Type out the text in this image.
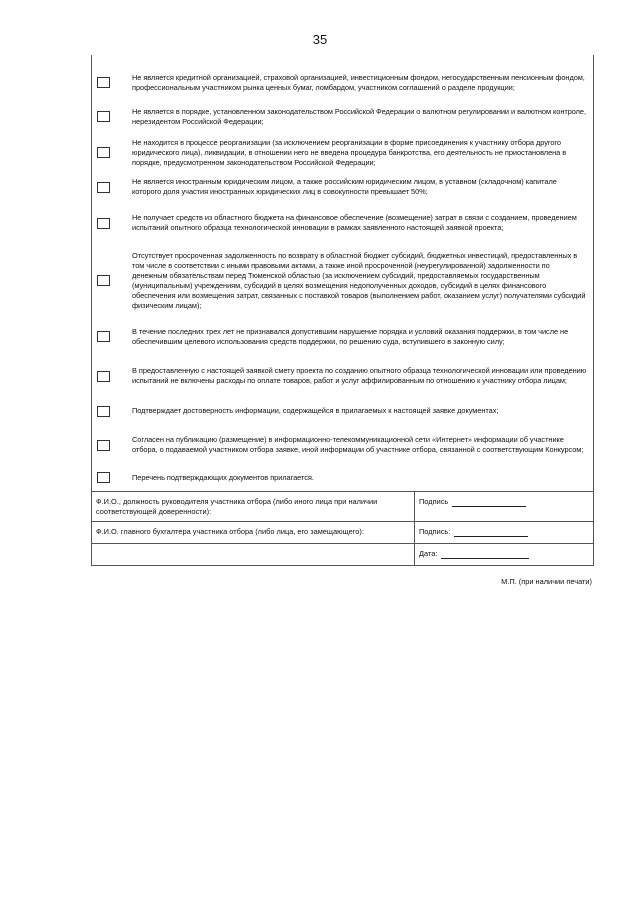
35
Не является кредитной организацией, страховой организацией, инвестиционным фондом, негосударственным пенсионным фондом, профессиональным участником рынка ценных бумаг, ломбардом, участником соглашений о разделе продукции;
Не является в порядке, установленном законодательством Российской Федерации о валютном регулировании и валютном контроле, нерезидентом Российской Федерации;
Не находится в процессе реорганизации (за исключением реорганизации в форме присоединения к участнику отбора другого юридического лица), ликвидации, в отношении него не введена процедура банкротства, его деятельность не приостановлена в порядке, предусмотренном законодательством Российской Федерации;
Не является иностранным юридическим лицом, а также российским юридическим лицом, в уставном (складочном) капитале которого доля участия иностранных юридических лиц в совокупности превышает 50%;
Не получает средств из областного бюджета на финансовое обеспечение (возмещение) затрат в связи с созданием, проведением испытаний опытного образца технологической инновации в рамках заявленного настоящей заявкой проекта;
Отсутствует просроченная задолженность по возврату в областной бюджет субсидий, бюджетных инвестиций, предоставленных в том числе в соответствии с иными правовыми актами, а также иной просроченной (неурегулированной) задолженности по денежным обязательствам перед Тюменской областью (за исключением субсидий, предоставляемых государственным (муниципальным) учреждениям, субсидий в целях возмещения недополученных доходов, субсидий в целях финансового обеспечения или возмещения затрат, связанных с поставкой товаров (выполнением работ, оказанием услуг) получателями субсидий физическим лицам);
В течение последних трех лет не признавался допустившим нарушение порядка и условий оказания поддержки, в том числе не обеспечившим целевого использования средств поддержки, по решению суда, вступившего в законную силу;
В предоставленную с настоящей заявкой смету проекта по созданию опытного образца технологической инновации или проведению испытаний не включены расходы по оплате товаров, работ и услуг аффилированным по отношению к участнику отбора лицам;
Подтверждает достоверность информации, содержащейся в прилагаемых к настоящей заявке документах;
Согласен на публикацию (размещение) в информационно-телекоммуникационной сети «Интернет» информации об участнике отбора, о подаваемой участником отбора заявке, иной информации об участнике отбора, связанной с соответствующим Конкурсом;
Перечень подтверждающих документов прилагается.
Ф.И.О., должность руководителя участника отбора (либо иного лица при наличии соответствующей доверенности):	Подпись
Ф.И.О. главного бухгалтера участника отбора (либо лица, его замещающего):	Подпись:
	Дата:
М.П. (при наличии печати)
